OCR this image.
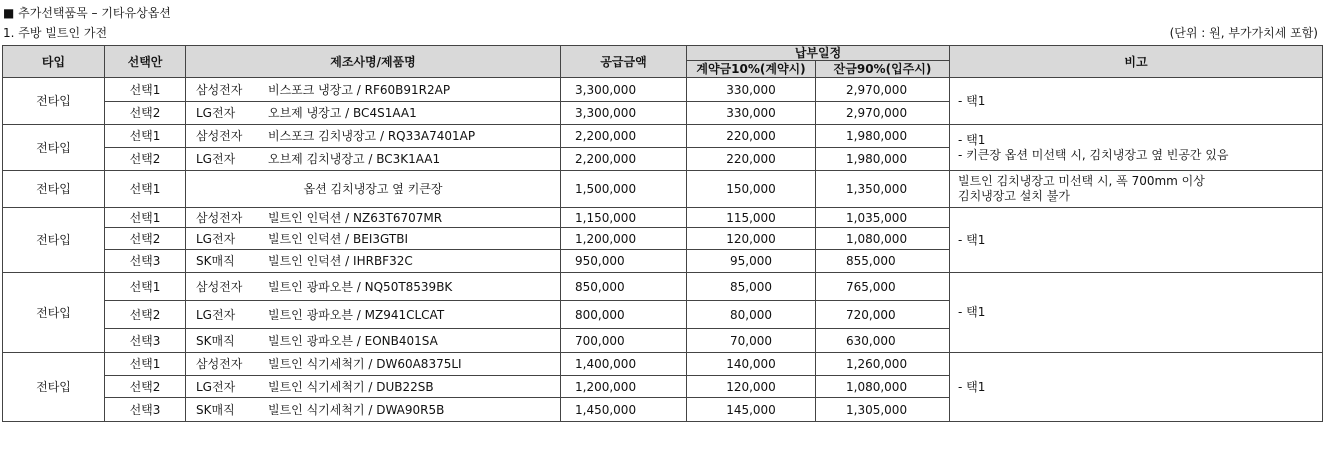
■ 추가선택품목 – 기타유상옵션
1. 주방 빌트인 가전	(단위 : 원, 부가가치세 포함)
타입	선택안	제조사명/제품명	공급금액	납부일정		비고
				계약금10%(계약시)	잔금90%(입주시)	
전타입	선택1	삼성전자 비스포크 냉장고 / RF60B91R2AP	3,300,000	330,000	2,970,000	- 택1

	선택2	LG전자 오브제 냉장고 / BC4S1AA1	3,300,000	330,000	2,970,000	
전타입	선택1	삼성전자 비스포크 김치냉장고 / RQ33A7401AP	2,200,000	220,000	1,980,000	- 택1
- 키큰장 옵션 미선택 시, 김치냉장고 옆 빈공간 있음

	선택2	LG전자 오브제 김치냉장고 / BC3K1AA1	2,200,000	220,000	1,980,000	
전타입	선택1	옵션 김치냉장고 옆 키큰장	1,500,000	150,000	1,350,000	빌트인 김치냉장고 미선택 시, 폭 700mm 이상
김치냉장고 설치 불가

전타입	선택1	삼성전자 빌트인 인덕션 / NZ63T6707MR	1,150,000	115,000	1,035,000	- 택1

	선택2	LG전자 빌트인 인덕션 / BEI3GTBI	1,200,000	120,000	1,080,000	
	선택3	SK매직 빌트인 인덕션 / IHRBF32C	950,000	95,000	855,000	
전타입	선택1	삼성전자 빌트인 광파오븐 / NQ50T8539BK	850,000	85,000	765,000	- 택1

	선택2	LG전자 빌트인 광파오븐 / MZ941CLCAT	800,000	80,000	720,000	
	선택3	SK매직 빌트인 광파오븐 / EONB401SA	700,000	70,000	630,000	
전타입	선택1	삼성전자 빌트인 식기세척기 / DW60A8375LI	1,400,000	140,000	1,260,000	- 택1

	선택2	LG전자 빌트인 식기세척기 / DUB22SB	1,200,000	120,000	1,080,000	
	선택3	SK매직 빌트인 식기세척기 / DWA90R5B	1,450,000	145,000	1,305,000	
